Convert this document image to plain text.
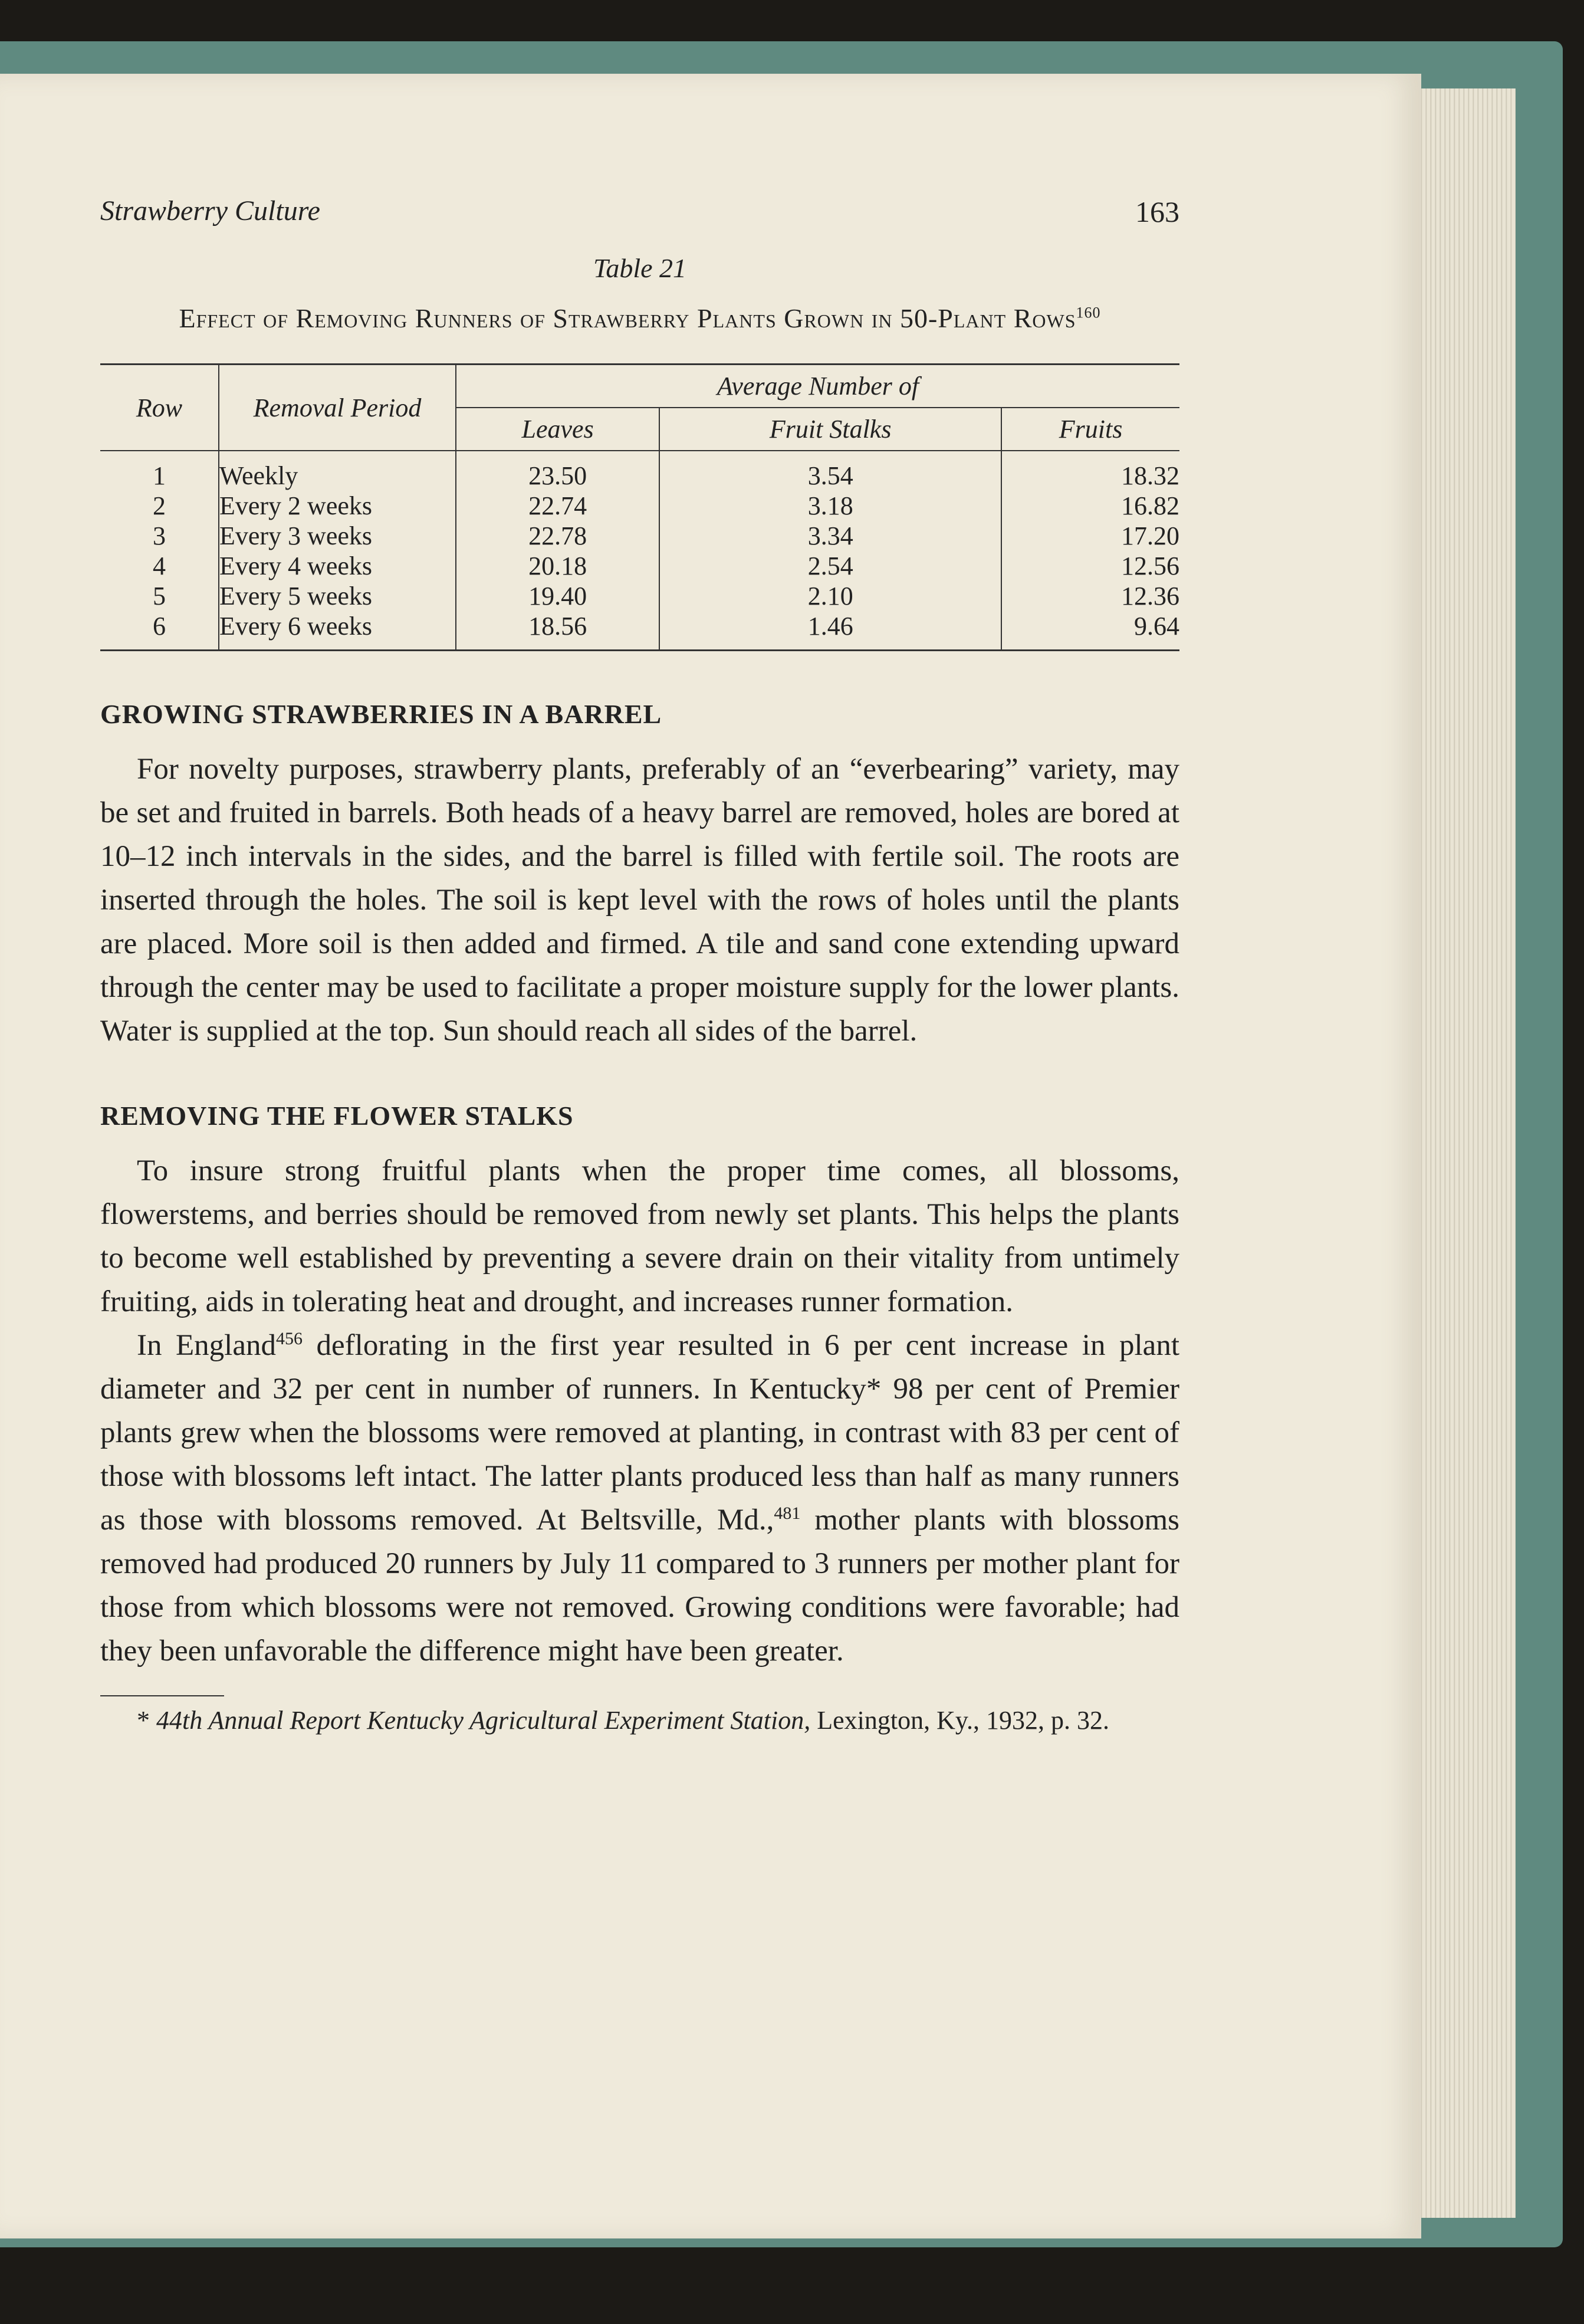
Strawberry Culture	163
Table 21
Effect of Removing Runners of Strawberry Plants Grown in 50-Plant Rows$^{160}$
Row	Removal Period	Average Number of		
		Leaves	Fruit Stalks	Fruits
1	Weekly	23.50	3.54	18.32
2	Every 2 weeks	22.74	3.18	16.82
3	Every 3 weeks	22.78	3.34	17.20
4	Every 4 weeks	20.18	2.54	12.56
5	Every 5 weeks	19.40	2.10	12.36
6	Every 6 weeks	18.56	1.46	9.64
GROWING STRAWBERRIES IN A BARREL

For novelty purposes, strawberry plants, preferably of an “everbearing” variety, may be set and fruited in barrels. Both heads of a heavy barrel are removed, holes are bored at 10–12 inch intervals in the sides, and the barrel is filled with fertile soil. The roots are inserted through the holes. The soil is kept level with the rows of holes until the plants are placed. More soil is then added and firmed. A tile and sand cone extending upward through the center may be used to facilitate a proper moisture supply for the lower plants. Water is supplied at the top. Sun should reach all sides of the barrel.

REMOVING THE FLOWER STALKS

To insure strong fruitful plants when the proper time comes, all blossoms, flowerstems, and berries should be removed from newly set plants. This helps the plants to become well established by preventing a severe drain on their vitality from untimely fruiting, aids in tolerating heat and drought, and increases runner formation.

In England$^{456}$ deflorating in the first year resulted in 6 per cent increase in plant diameter and 32 per cent in number of runners. In Kentucky* 98 per cent of Premier plants grew when the blossoms were removed at planting, in contrast with 83 per cent of those with blossoms left intact. The latter plants produced less than half as many runners as those with blossoms removed. At Beltsville, Md.,$^{481}$ mother plants with blossoms removed had produced 20 runners by July 11 compared to 3 runners per mother plant for those from which blossoms were not removed. Growing conditions were favorable; had they been unfavorable the difference might have been greater.

* 44th Annual Report Kentucky Agricultural Experiment Station, Lexington, Ky., 1932, p. 32.
